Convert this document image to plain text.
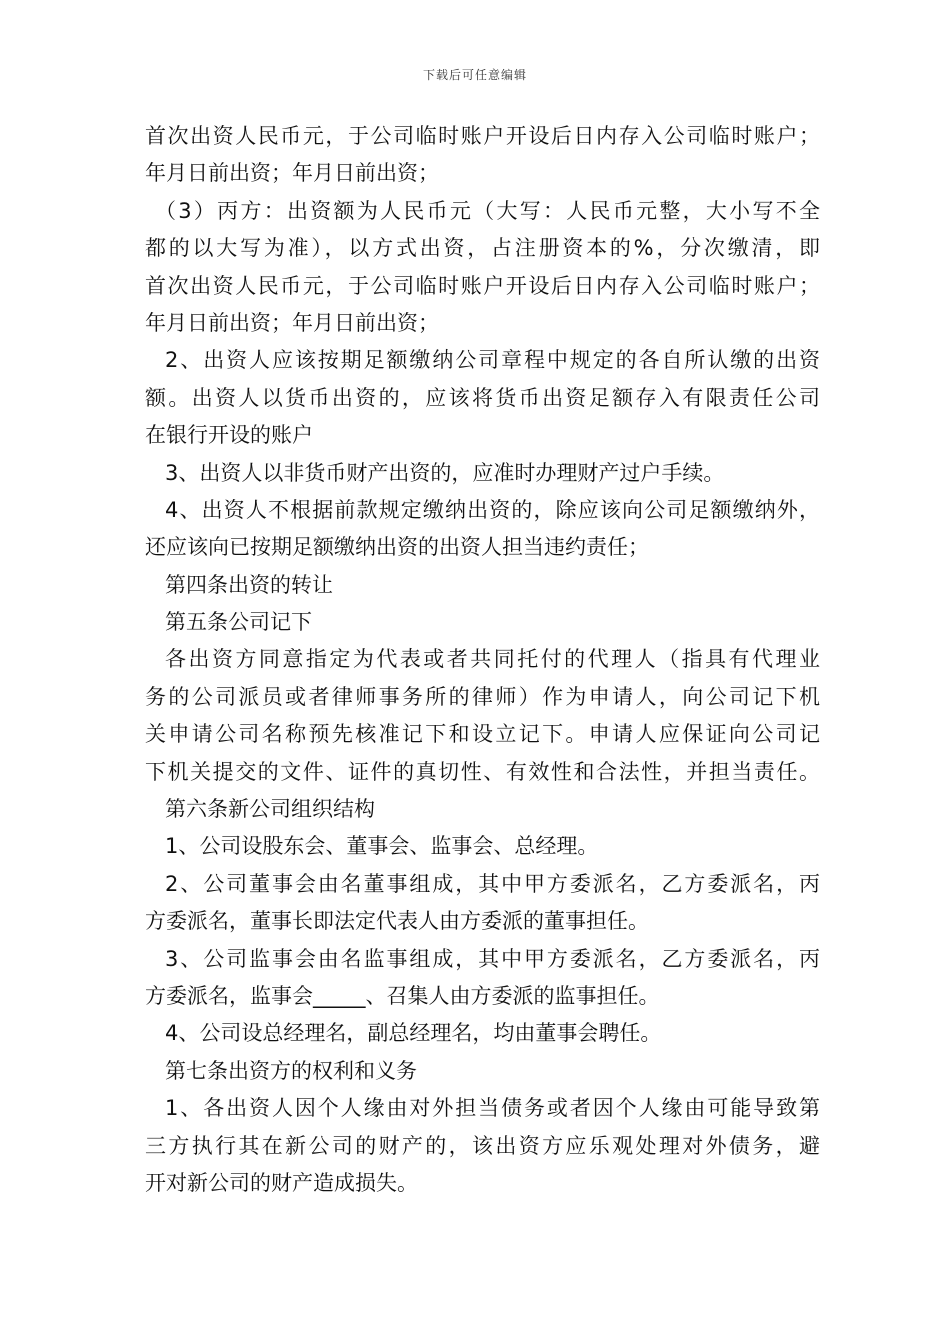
下载后可任意编辑
首次出资人民币元，于公司临时账户开设后日内存入公司临时账户；
年月日前出资；年月日前出资；
（3）丙方：出资额为人民币元（大写：人民币元整，大小写不全
都的以大写为准），以方式出资，占注册资本的%，分次缴清，即
首次出资人民币元，于公司临时账户开设后日内存入公司临时账户；
年月日前出资；年月日前出资；
2、出资人应该按期足额缴纳公司章程中规定的各自所认缴的出资
额。出资人以货币出资的，应该将货币出资足额存入有限责任公司
在银行开设的账户
3、出资人以非货币财产出资的，应准时办理财产过户手续。
4、出资人不根据前款规定缴纳出资的，除应该向公司足额缴纳外，
还应该向已按期足额缴纳出资的出资人担当违约责任；
第四条出资的转让
第五条公司记下
各出资方同意指定为代表或者共同托付的代理人（指具有代理业
务的公司派员或者律师事务所的律师）作为申请人，向公司记下机
关申请公司名称预先核准记下和设立记下。申请人应保证向公司记
下机关提交的文件、证件的真切性、有效性和合法性，并担当责任。
第六条新公司组织结构
1、公司设股东会、董事会、监事会、总经理。
2、公司董事会由名董事组成，其中甲方委派名，乙方委派名，丙
方委派名，董事长即法定代表人由方委派的董事担任。
3、公司监事会由名监事组成，其中甲方委派名，乙方委派名，丙
方委派名，监事会_____、召集人由方委派的监事担任。
4、公司设总经理名，副总经理名，均由董事会聘任。
第七条出资方的权利和义务
1、各出资人因个人缘由对外担当债务或者因个人缘由可能导致第
三方执行其在新公司的财产的，该出资方应乐观处理对外债务，避
开对新公司的财产造成损失。
